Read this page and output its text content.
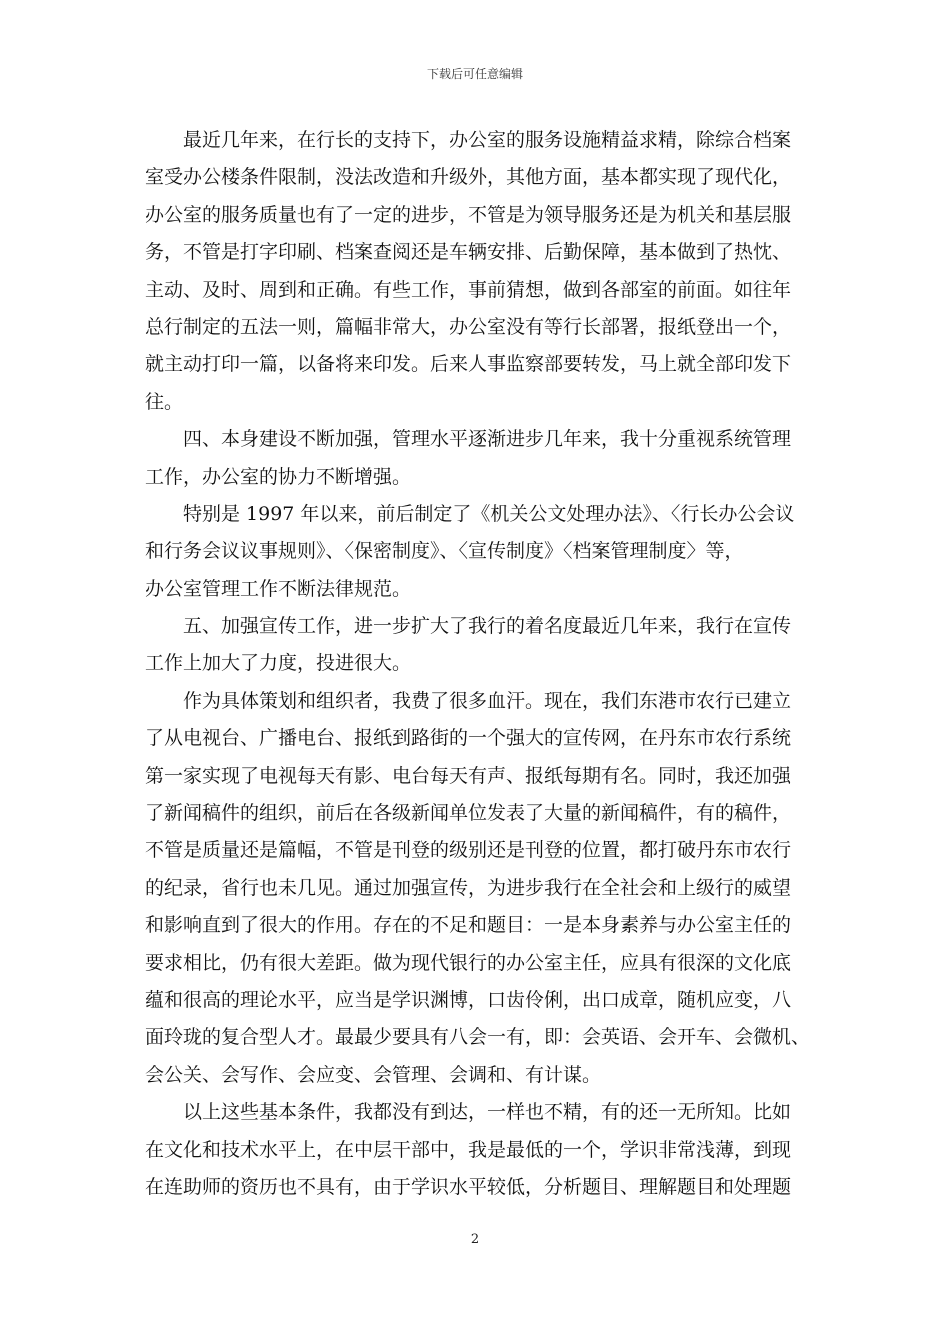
下载后可任意编辑
最近几年来，在行长的支持下，办公室的服务设施精益求精，除综合档案
室受办公楼条件限制，没法改造和升级外，其他方面，基本都实现了现代化，
办公室的服务质量也有了一定的进步，不管是为领导服务还是为机关和基层服
务，不管是打字印刷、档案查阅还是车辆安排、后勤保障，基本做到了热忱、
主动、及时、周到和正确。有些工作，事前猜想，做到各部室的前面。如往年
总行制定的五法一则，篇幅非常大，办公室没有等行长部署，报纸登出一个，
就主动打印一篇，以备将来印发。后来人事监察部要转发，马上就全部印发下
往。
四、本身建设不断加强，管理水平逐渐进步几年来，我十分重视系统管理
工作，办公室的协力不断增强。
特别是 1997 年以来，前后制定了《机关公文处理办法》、〈行长办公会议
和行务会议议事规则》、〈保密制度》、〈宣传制度》〈档案管理制度〉等，
办公室管理工作不断法律规范。
五、加强宣传工作，进一步扩大了我行的着名度最近几年来，我行在宣传
工作上加大了力度，投进很大。
作为具体策划和组织者，我费了很多血汗。现在，我们东港市农行已建立
了从电视台、广播电台、报纸到路街的一个强大的宣传网，在丹东市农行系统
第一家实现了电视每天有影、电台每天有声、报纸每期有名。同时，我还加强
了新闻稿件的组织，前后在各级新闻单位发表了大量的新闻稿件，有的稿件，
不管是质量还是篇幅，不管是刊登的级别还是刊登的位置，都打破丹东市农行
的纪录，省行也未几见。通过加强宣传，为进步我行在全社会和上级行的威望
和影响直到了很大的作用。存在的不足和题目：一是本身素养与办公室主任的
要求相比，仍有很大差距。做为现代银行的办公室主任，应具有很深的文化底
蕴和很高的理论水平，应当是学识渊博，口齿伶俐，出口成章，随机应变，八
面玲珑的复合型人才。最最少要具有八会一有，即：会英语、会开车、会微机、
会公关、会写作、会应变、会管理、会调和、有计谋。
以上这些基本条件，我都没有到达，一样也不精，有的还一无所知。比如
在文化和技术水平上，在中层干部中，我是最低的一个，学识非常浅薄，到现
在连助师的资历也不具有，由于学识水平较低，分析题目、理解题目和处理题
2
